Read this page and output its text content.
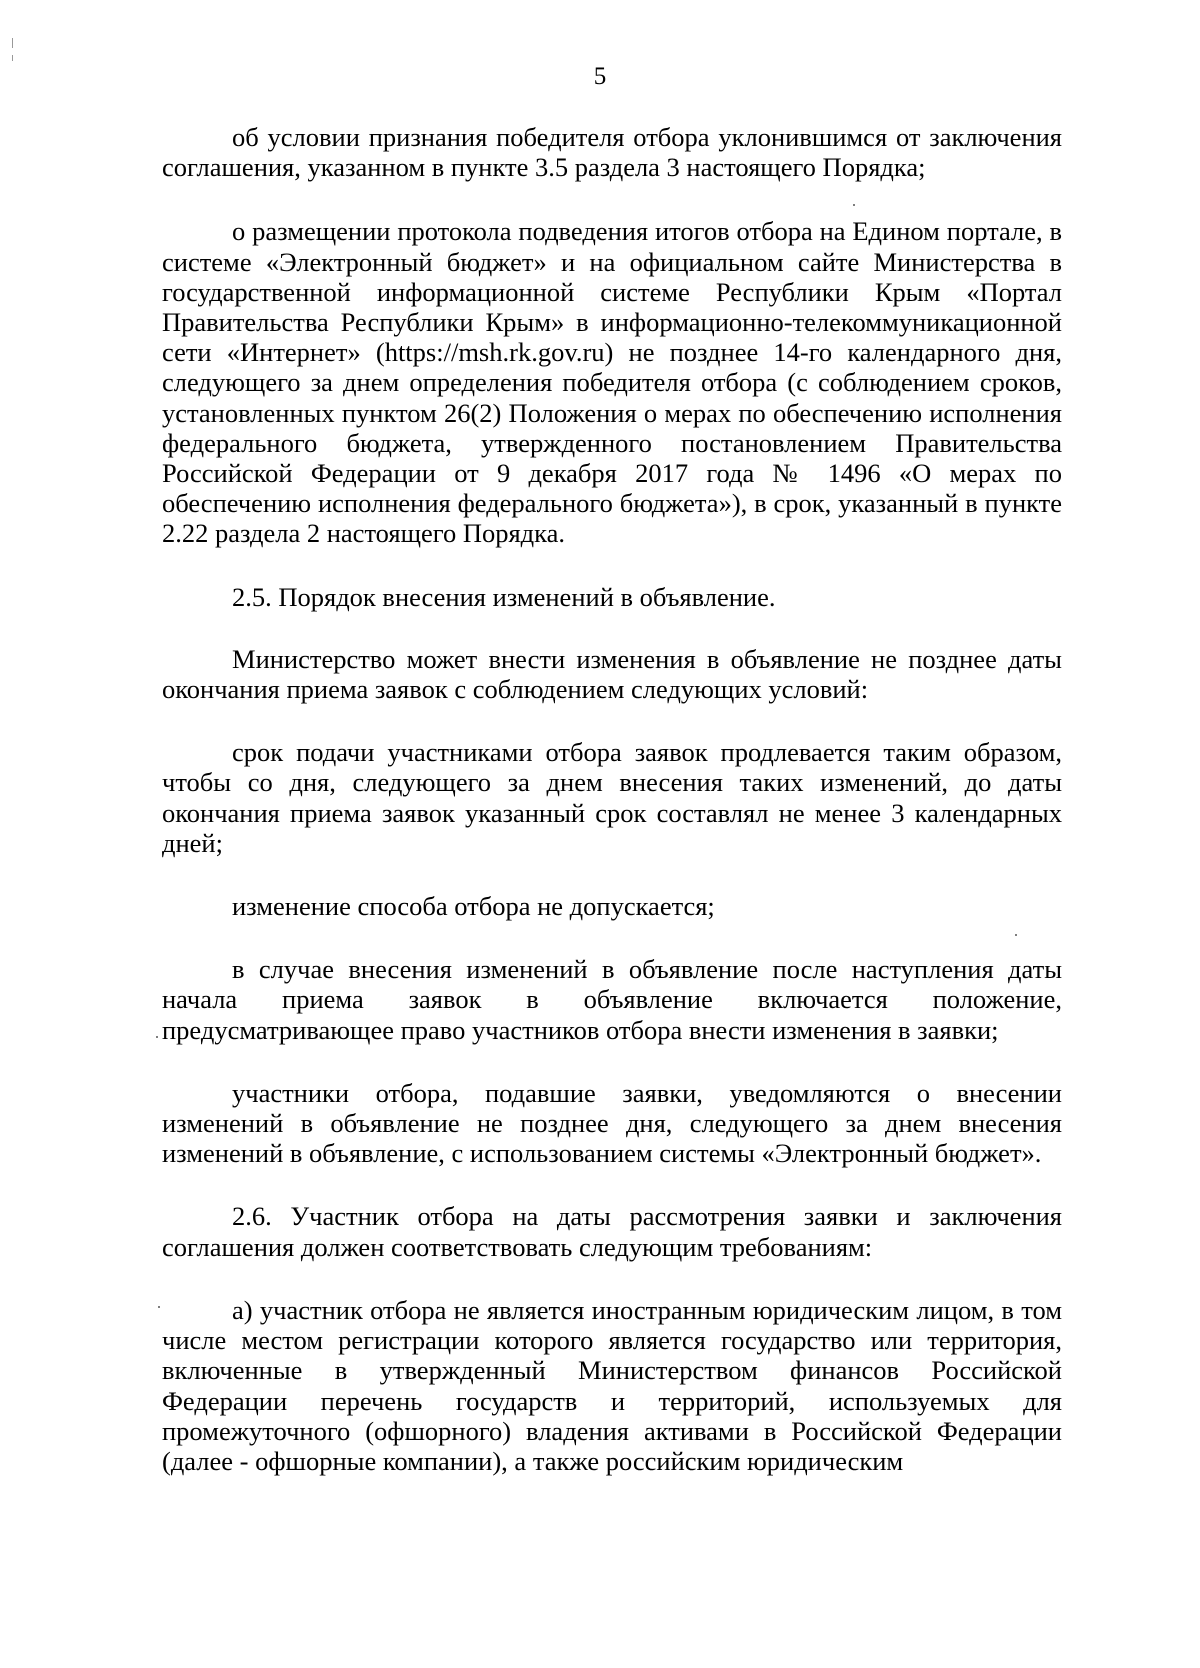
5

об условии признания победителя отбора уклонившимся от заключения соглашения, указанном в пункте 3.5 раздела 3 настоящего Порядка;

о размещении протокола подведения итогов отбора на Едином портале, в системе «Электронный бюджет» и на официальном сайте Министерства в государственной информационной системе Республики Крым «Портал Правительства Республики Крым» в информационно-телекоммуникационной сети «Интернет» (https://msh.rk.gov.ru) не позднее 14-го календарного дня, следующего за днем определения победителя отбора (с соблюдением сроков, установленных пунктом 26(2) Положения о мерах по обеспечению исполнения федерального бюджета, утвержденного постановлением Правительства Российской Федерации от 9 декабря 2017 года № 1496 «О мерах по обеспечению исполнения федерального бюджета»), в срок, указанный в пункте 2.22 раздела 2 настоящего Порядка.

2.5. Порядок внесения изменений в объявление.

Министерство может внести изменения в объявление не позднее даты окончания приема заявок с соблюдением следующих условий:

срок подачи участниками отбора заявок продлевается таким образом, чтобы со дня, следующего за днем внесения таких изменений, до даты окончания приема заявок указанный срок составлял не менее 3 календарных дней;

изменение способа отбора не допускается;

в случае внесения изменений в объявление после наступления даты начала приема заявок в объявление включается положение, предусматривающее право участников отбора внести изменения в заявки;

участники отбора, подавшие заявки, уведомляются о внесении изменений в объявление не позднее дня, следующего за днем внесения изменений в объявление, с использованием системы «Электронный бюджет».

2.6. Участник отбора на даты рассмотрения заявки и заключения соглашения должен соответствовать следующим требованиям:

а) участник отбора не является иностранным юридическим лицом, в том числе местом регистрации которого является государство или территория, включенные в утвержденный Министерством финансов Российской Федерации перечень государств и территорий, используемых для промежуточного (офшорного) владения активами в Российской Федерации (далее - офшорные компании), а также российским юридическим
